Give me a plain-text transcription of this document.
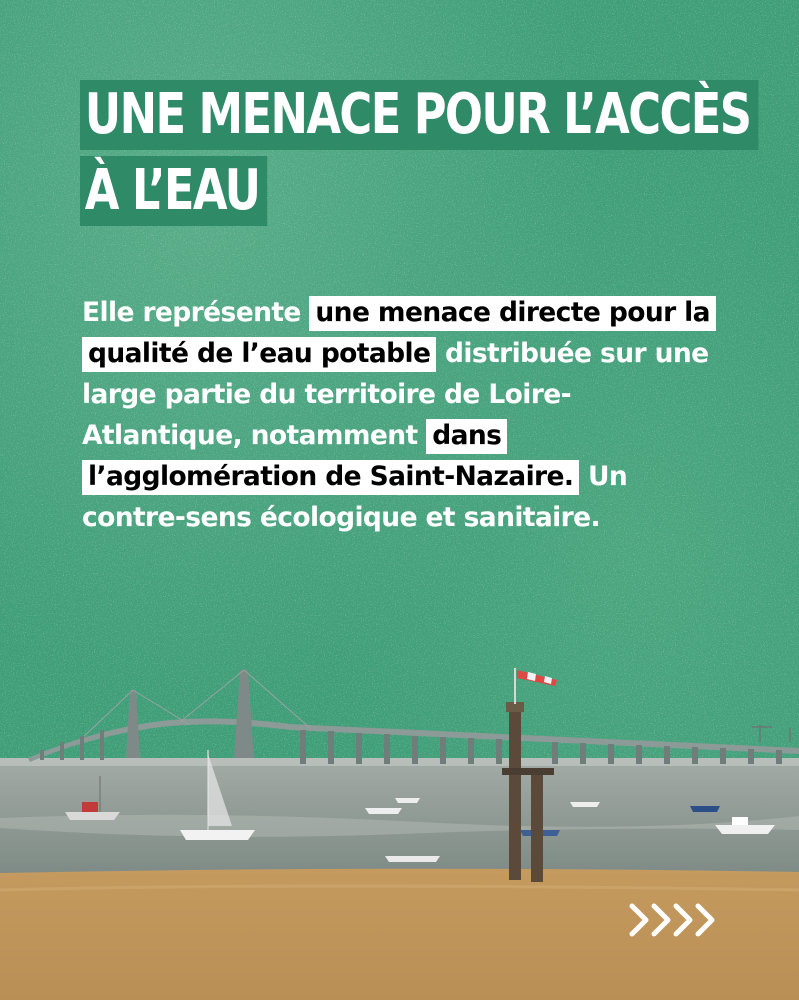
UNE MENACE POUR L’ACCÈS
À L’EAU
Elle représente une menace directe pour la qualité de l’eau potable distribuée sur une large partie du territoire de Loire-Atlantique, notamment dans l’agglomération de Saint-Nazaire. Un contre-sens écologique et sanitaire.
